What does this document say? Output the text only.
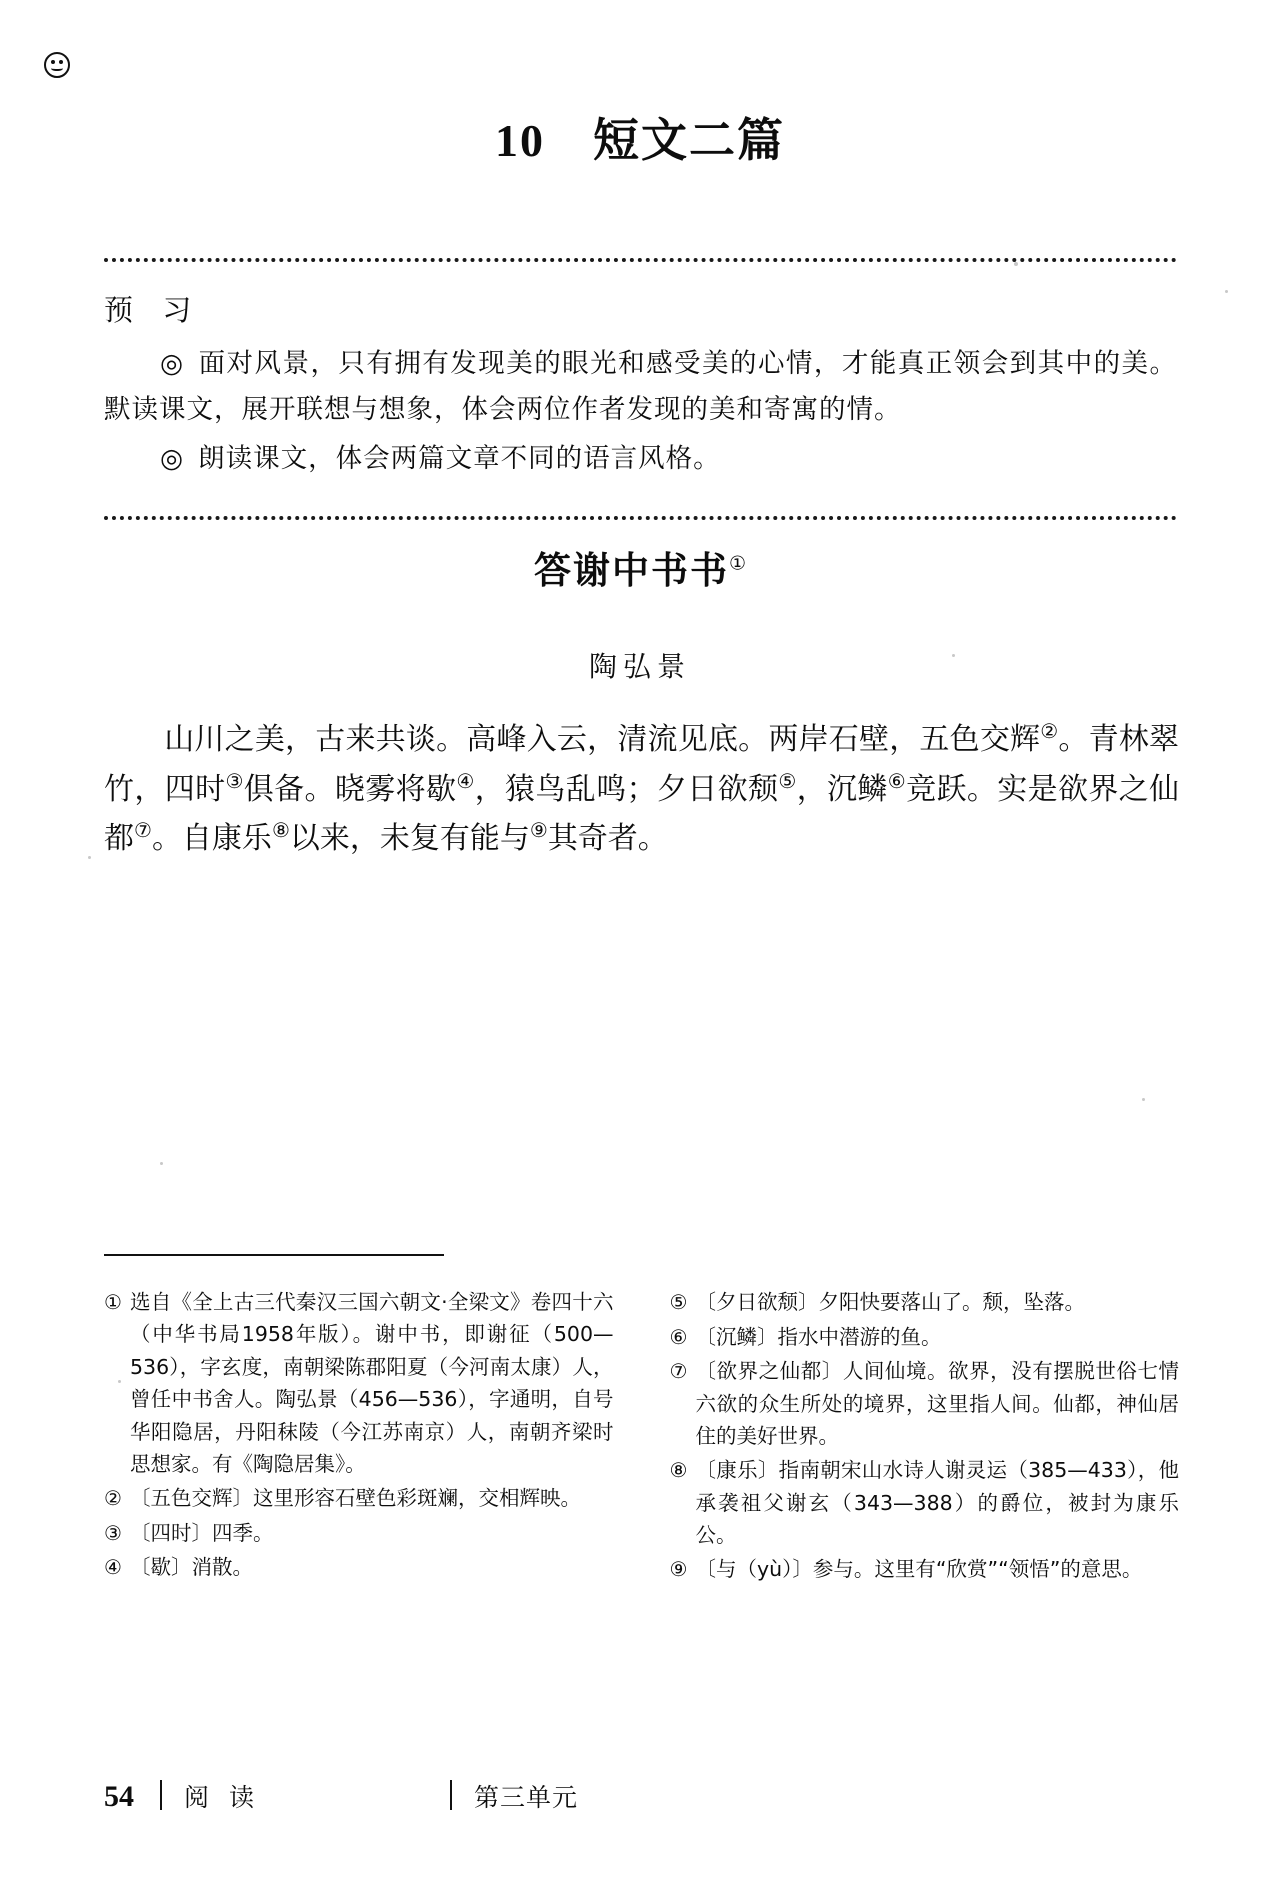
10　短文二篇
预 习
◎ 面对风景，只有拥有发现美的眼光和感受美的心情，才能真正领会到其中的美。默读课文，展开联想与想象，体会两位作者发现的美和寄寓的情。
◎ 朗读课文，体会两篇文章不同的语言风格。
答谢中书书①
陶弘景
山川之美，古来共谈。高峰入云，清流见底。两岸石壁，五色交辉②。青林翠竹，四时③俱备。晓雾将歇④，猿鸟乱鸣；夕日欲颓⑤，沉鳞⑥竞跃。实是欲界之仙都⑦。自康乐⑧以来，未复有能与⑨其奇者。
① 选自《全上古三代秦汉三国六朝文·全梁文》卷四十六（中华书局1958年版）。谢中书，即谢征（500—536），字玄度，南朝梁陈郡阳夏（今河南太康）人，曾任中书舍人。陶弘景（456—536），字通明，自号华阳隐居，丹阳秣陵（今江苏南京）人，南朝齐梁时思想家。有《陶隐居集》。
② 〔五色交辉〕这里形容石壁色彩斑斓，交相辉映。
③ 〔四时〕四季。
④ 〔歇〕消散。
⑤ 〔夕日欲颓〕夕阳快要落山了。颓，坠落。
⑥ 〔沉鳞〕指水中潜游的鱼。
⑦ 〔欲界之仙都〕人间仙境。欲界，没有摆脱世俗七情六欲的众生所处的境界，这里指人间。仙都，神仙居住的美好世界。
⑧ 〔康乐〕指南朝宋山水诗人谢灵运（385—433），他承袭祖父谢玄（343—388）的爵位，被封为康乐公。
⑨ 〔与（yù）〕参与。这里有“欣赏”“领悟”的意思。
54 阅 读	第三单元
